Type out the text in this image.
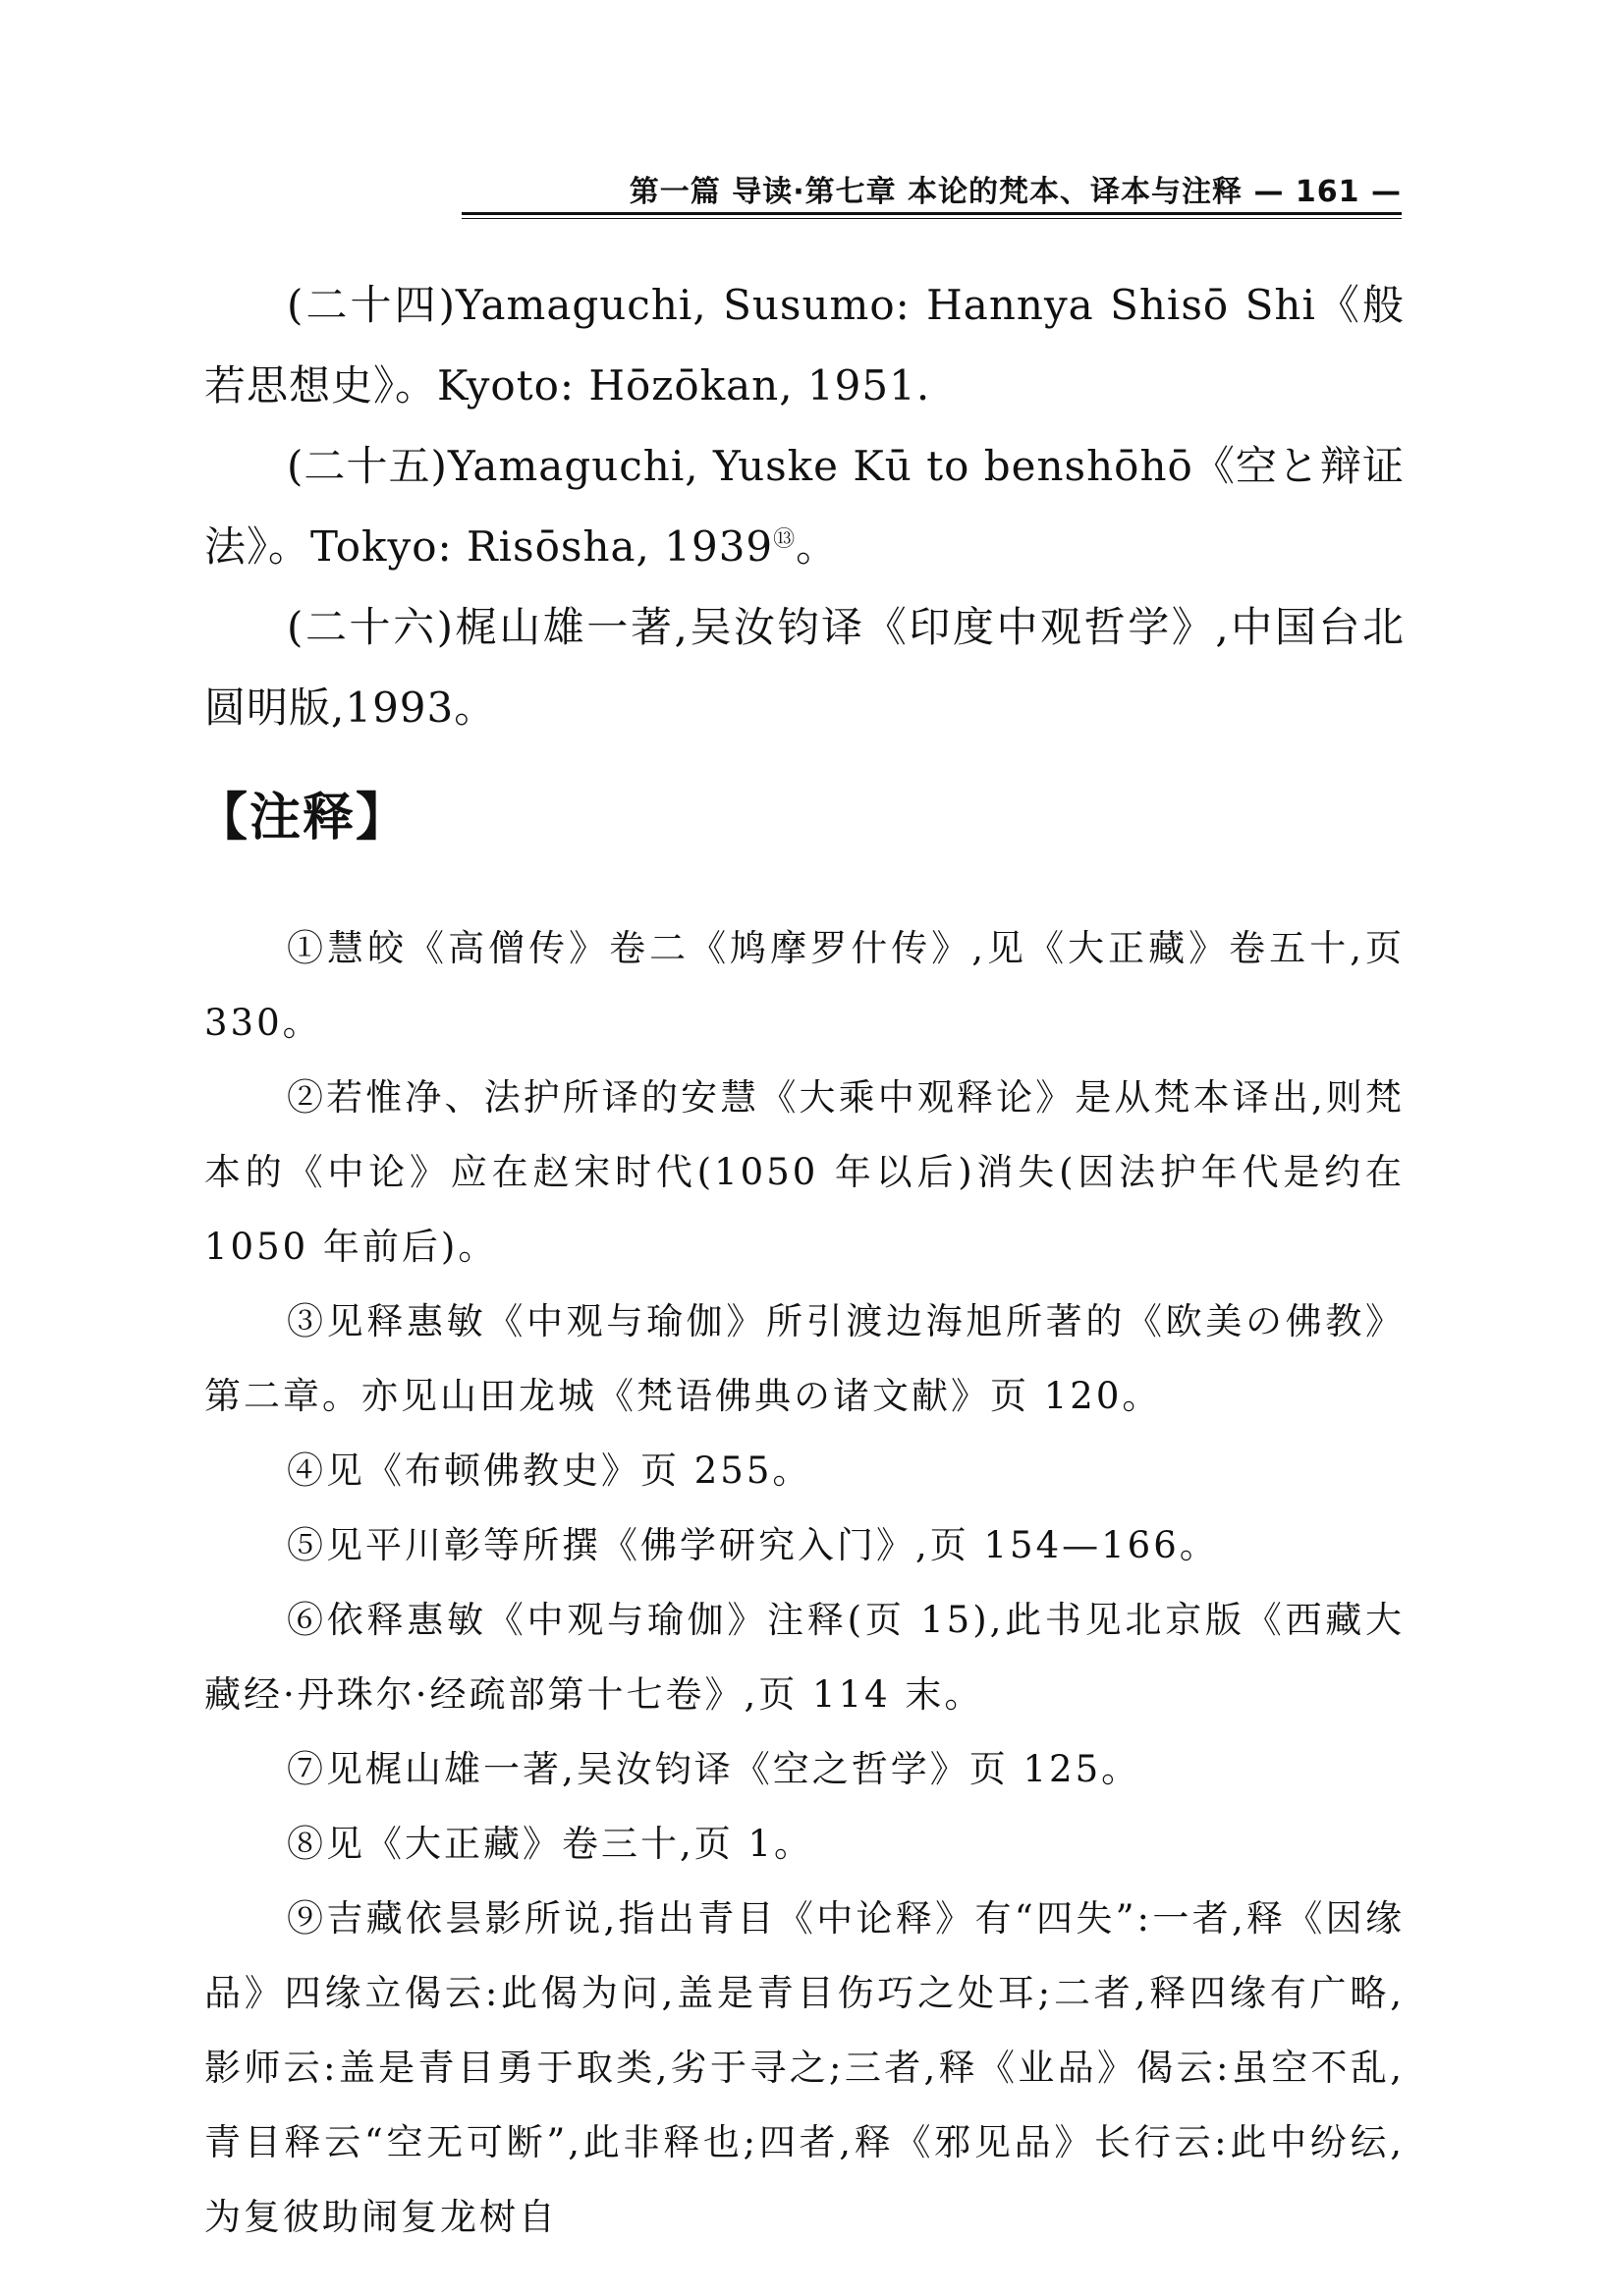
第一篇 导读·第七章 本论的梵本、译本与注释 — 161 —

(二十四)Yamaguchi, Susumo: Hannya Shisō Shi《般若思想史》。Kyoto: Hōzōkan, 1951.

(二十五)Yamaguchi, Yuske Kū to benshōhō《空と辩证法》。Tokyo: Risōsha, 1939⑬。

(二十六)梶山雄一著,吴汝钧译《印度中观哲学》,中国台北圆明版,1993。

【注释】

①慧皎《高僧传》卷二《鸠摩罗什传》,见《大正藏》卷五十,页 330。

②若惟净、法护所译的安慧《大乘中观释论》是从梵本译出,则梵本的《中论》应在赵宋时代(1050 年以后)消失(因法护年代是约在 1050 年前后)。

③见释惠敏《中观与瑜伽》所引渡边海旭所著的《欧美の佛教》第二章。亦见山田龙城《梵语佛典の诸文献》页 120。

④见《布顿佛教史》页 255。

⑤见平川彰等所撰《佛学研究入门》,页 154—166。

⑥依释惠敏《中观与瑜伽》注释(页 15),此书见北京版《西藏大藏经·丹珠尔·经疏部第十七卷》,页 114 末。

⑦见梶山雄一著,吴汝钧译《空之哲学》页 125。

⑧见《大正藏》卷三十,页 1。

⑨吉藏依昙影所说,指出青目《中论释》有“四失”:一者,释《因缘品》四缘立偈云:此偈为问,盖是青目伤巧之处耳;二者,释四缘有广略,影师云:盖是青目勇于取类,劣于寻之;三者,释《业品》偈云:虽空不乱,青目释云“空无可断”,此非释也;四者,释《邪见品》长行云:此中纷纭,为复彼助闹复龙树自
